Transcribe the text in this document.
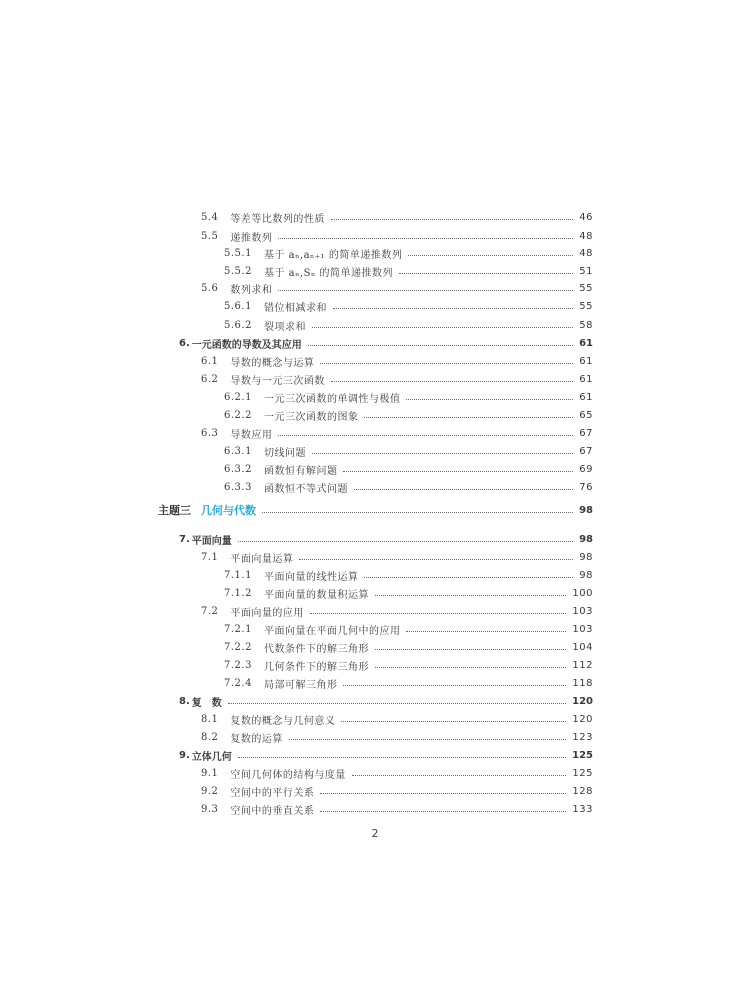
5.4 等差等比数列的性质	46
5.5 递推数列	48
5.5.1 基于 aₙ,aₙ₊₁ 的简单递推数列	48
5.5.2 基于 aₙ,Sₙ 的简单递推数列	51
5.6 数列求和	55
5.6.1 错位相减求和	55
5.6.2 裂项求和	58
6. 一元函数的导数及其应用	61
6.1 导数的概念与运算	61
6.2 导数与一元三次函数	61
6.2.1 一元三次函数的单调性与极值	61
6.2.2 一元三次函数的图象	65
6.3 导数应用	67
6.3.1 切线问题	67
6.3.2 函数恒有解问题	69
6.3.3 函数恒不等式问题	76
主题三 几何与代数	98
7. 平面向量	98
7.1 平面向量运算	98
7.1.1 平面向量的线性运算	98
7.1.2 平面向量的数量积运算	100
7.2 平面向量的应用	103
7.2.1 平面向量在平面几何中的应用	103
7.2.2 代数条件下的解三角形	104
7.2.3 几何条件下的解三角形	112
7.2.4 局部可解三角形	118
8. 复　数	120
8.1 复数的概念与几何意义	120
8.2 复数的运算	123
9. 立体几何	125
9.1 空间几何体的结构与度量	125
9.2 空间中的平行关系	128
9.3 空间中的垂直关系	133
2
